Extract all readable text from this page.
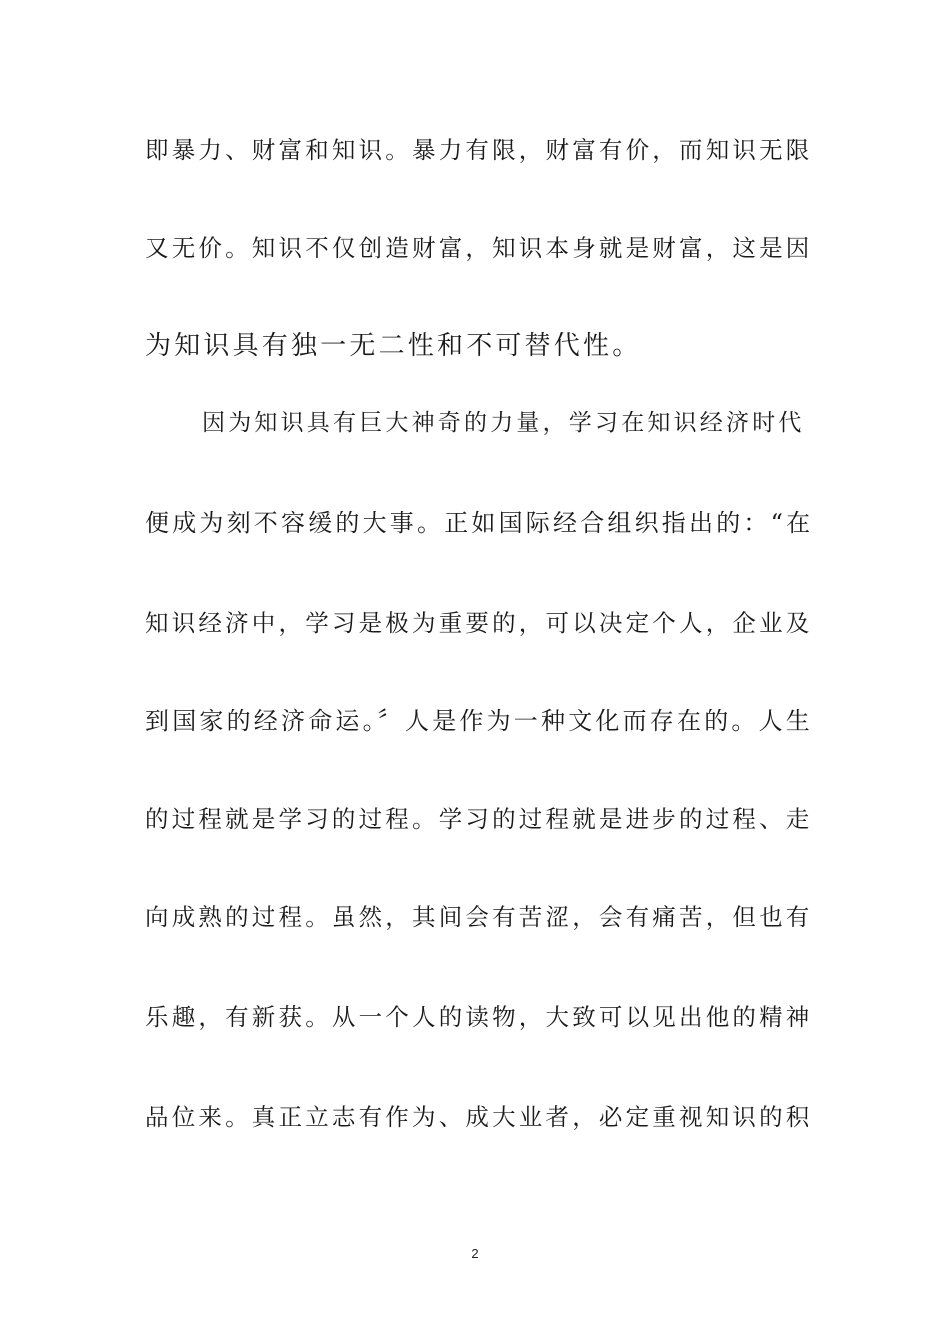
即暴力、财富和知识。暴力有限，财富有价，而知识无限
又无价。知识不仅创造财富，知识本身就是财富，这是因
为知识具有独一无二性和不可替代性。
因为知识具有巨大神奇的力量，学习在知识经济时代
便成为刻不容缓的大事。正如国际经合组织指出的：“在
知识经济中，学习是极为重要的，可以决定个人，企业及
到国家的经济命运。〞人是作为一种文化而存在的。人生
的过程就是学习的过程。学习的过程就是进步的过程、走
向成熟的过程。虽然，其间会有苦涩，会有痛苦，但也有
乐趣，有新获。从一个人的读物，大致可以见出他的精神
品位来。真正立志有作为、成大业者，必定重视知识的积
2
